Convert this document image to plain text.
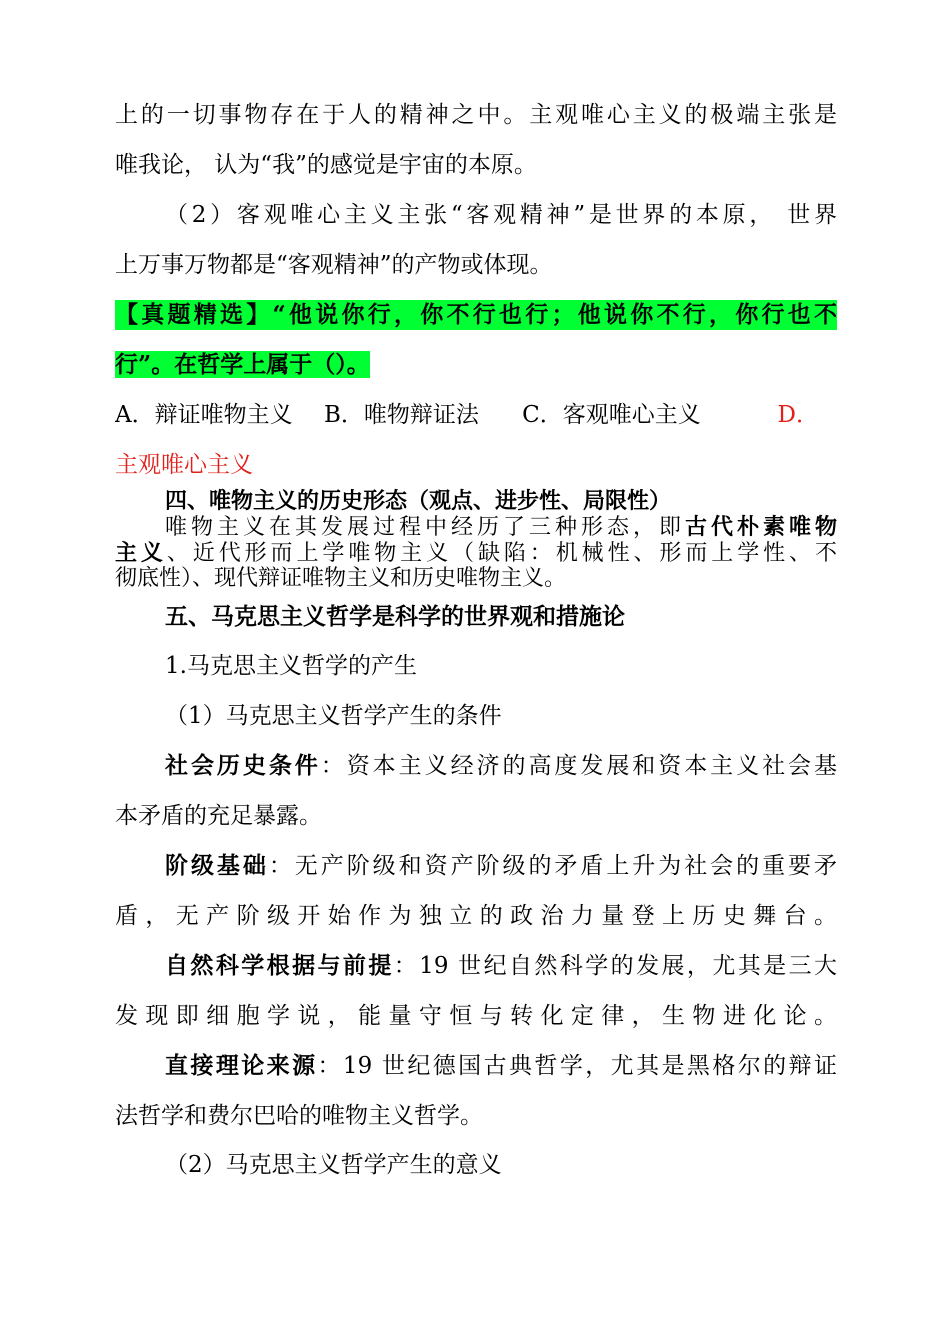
上的一切事物存在于人的精神之中。主观唯心主义的极端主张是
唯我论， 认为“我”的感觉是宇宙的本原。
（2）客观唯心主义主张“客观精神”是世界的本原， 世界
上万事万物都是“客观精神”的产物或体现。
【真题精选】“他说你行，你不行也行；他说你不行，你行也不
行”。在哲学上属于（）。
A．辩证唯物主义 B．唯物辩证法 C．客观唯心主义	D．
主观唯心主义
四、唯物主义的历史形态（观点、进步性、局限性）
唯物主义在其发展过程中经历了三种形态，即古代朴素唯物
主义、近代形而上学唯物主义（缺陷：机械性、形而上学性、不
彻底性）、现代辩证唯物主义和历史唯物主义。
五、马克思主义哲学是科学的世界观和措施论
1.马克思主义哲学的产生
（1）马克思主义哲学产生的条件
社会历史条件：资本主义经济的高度发展和资本主义社会基
本矛盾的充足暴露。
阶级基础：无产阶级和资产阶级的矛盾上升为社会的重要矛
盾，无产阶级开始作为独立的政治力量登上历史舞台。
自然科学根据与前提：19 世纪自然科学的发展，尤其是三大
发现即细胞学说，能量守恒与转化定律，生物进化论。
直接理论来源：19 世纪德国古典哲学，尤其是黑格尔的辩证
法哲学和费尔巴哈的唯物主义哲学。
（2）马克思主义哲学产生的意义
